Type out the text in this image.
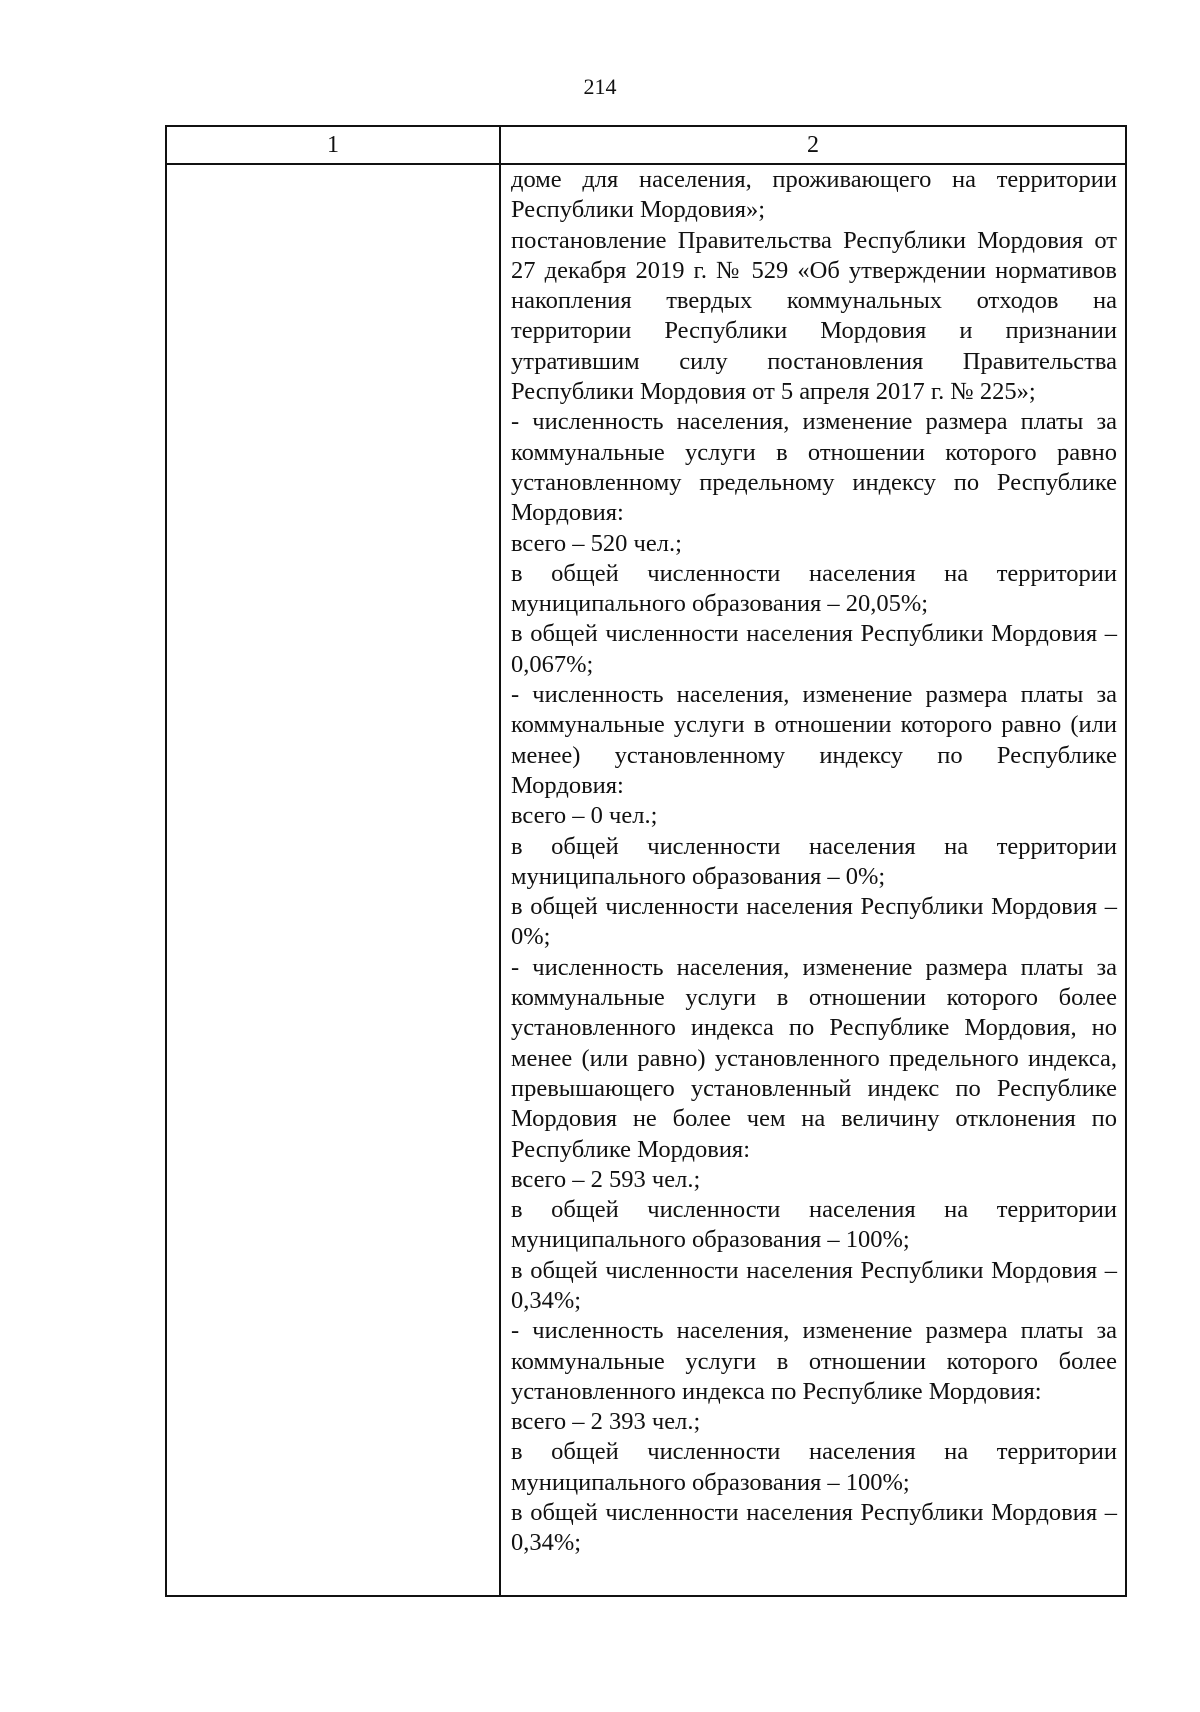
214
1	2

доме для населения, проживающего на территории Республики Мордовия»;

постановление Правительства Республики Мордовия от 27 декабря 2019 г. № 529 «Об утверждении нормативов накопления твердых коммунальных отходов на территории Республики Мордовия и признании утратившим силу постановления Правительства Республики Мордовия от 5 апреля 2017 г. № 225»;

- численность населения, изменение размера платы за коммунальные услуги в отношении которого равно установленному предельному индексу по Республике Мордовия:

всего – 520 чел.;

в общей численности населения на территории муниципального образования – 20,05%;

в общей численности населения Республики Мордовия – 0,067%;

- численность населения, изменение размера платы за коммунальные услуги в отношении которого равно (или менее) установленному индексу по Республике Мордовия:

всего – 0 чел.;

в общей численности населения на территории муниципального образования – 0%;

в общей численности населения Республики Мордовия – 0%;

- численность населения, изменение размера платы за коммунальные услуги в отношении которого более установленного индекса по Республике Мордовия, но менее (или равно) установленного предельного индекса, превышающего установленный индекс по Республике Мордовия не более чем на величину отклонения по Республике Мордовия:

всего – 2 593 чел.;

в общей численности населения на территории муниципального образования – 100%;

в общей численности населения Республики Мордовия – 0,34%;

- численность населения, изменение размера платы за коммунальные услуги в отношении которого более установленного индекса по Республике Мордовия:

всего – 2 393 чел.;

в общей численности населения на территории муниципального образования – 100%;

в общей численности населения Республики Мордовия – 0,34%;
